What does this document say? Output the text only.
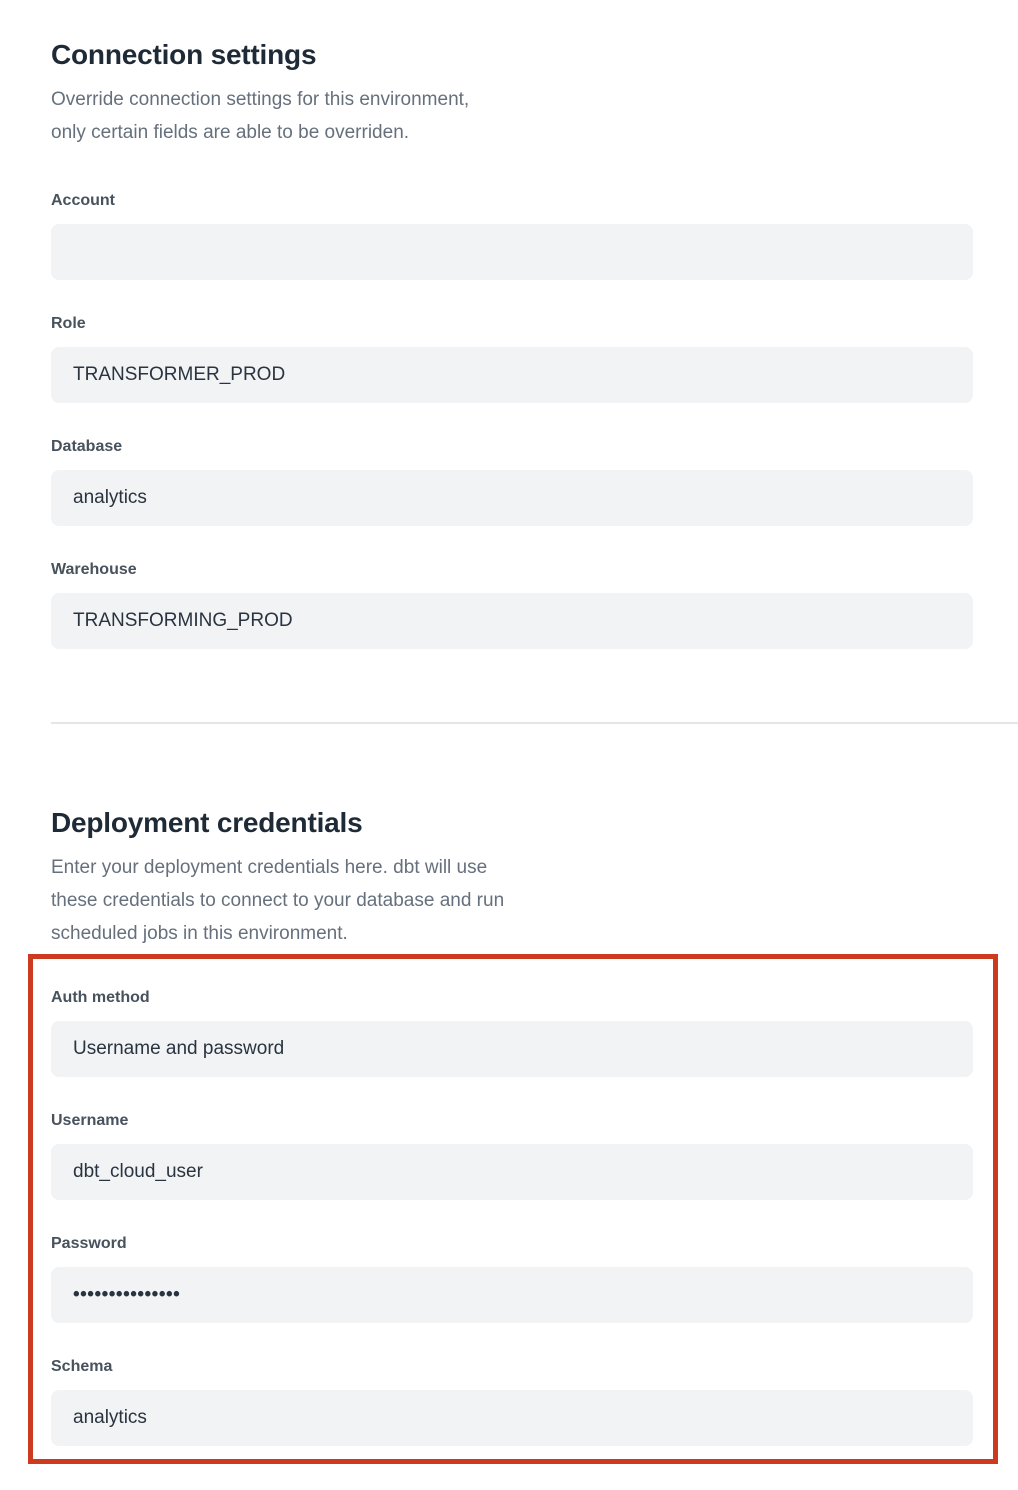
Connection settings
Override connection settings for this environment,
only certain fields are able to be overriden.
Account
Role
TRANSFORMER_PROD
Database
analytics
Warehouse
TRANSFORMING_PROD
Deployment credentials
Enter your deployment credentials here. dbt will use
these credentials to connect to your database and run
scheduled jobs in this environment.
Auth method
Username and password
Username
dbt_cloud_user
Password
•••••••••••••••
Schema
analytics
